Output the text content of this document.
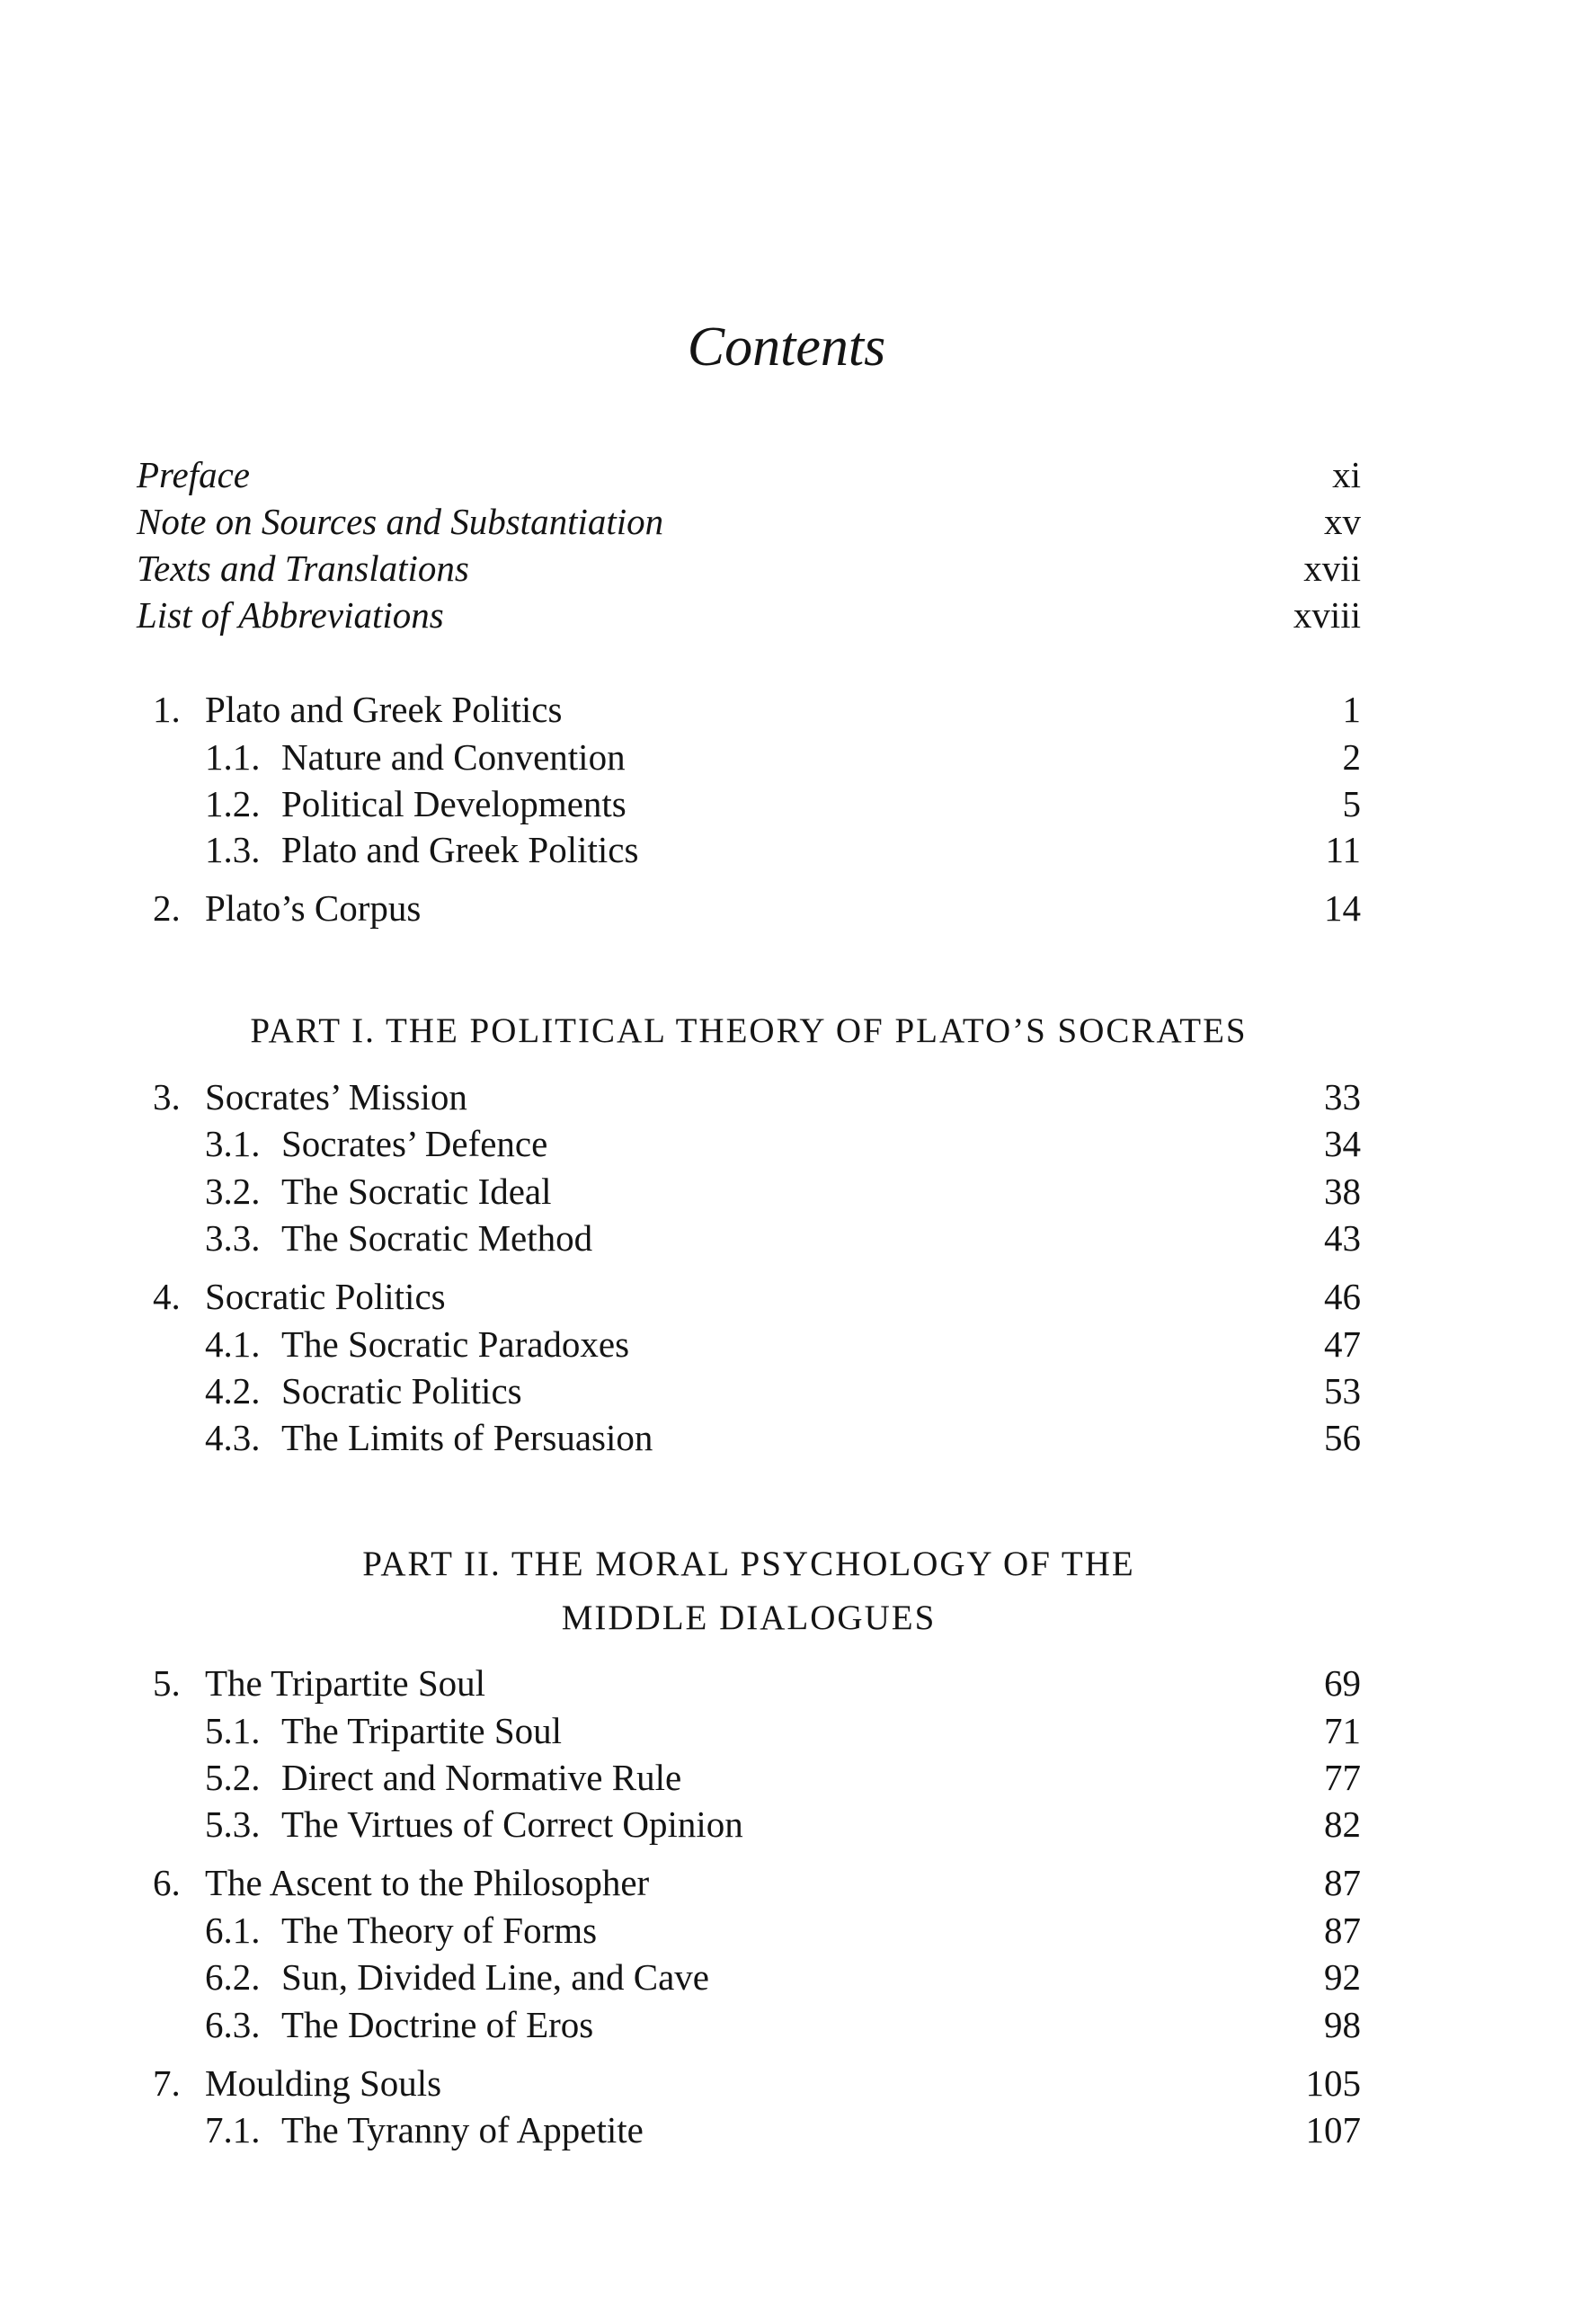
Contents
Preface	xi
Note on Sources and Substantiation	xv
Texts and Translations	xvii
List of Abbreviations	xviii
1. Plato and Greek Politics	1
1.1. Nature and Convention	2
1.2. Political Developments	5
1.3. Plato and Greek Politics	11
2. Plato’s Corpus	14
PART I. THE POLITICAL THEORY OF PLATO’S SOCRATES
3. Socrates’ Mission	33
3.1. Socrates’ Defence	34
3.2. The Socratic Ideal	38
3.3. The Socratic Method	43
4. Socratic Politics	46
4.1. The Socratic Paradoxes	47
4.2. Socratic Politics	53
4.3. The Limits of Persuasion	56
PART II. THE MORAL PSYCHOLOGY OF THE
MIDDLE DIALOGUES
5. The Tripartite Soul	69
5.1. The Tripartite Soul	71
5.2. Direct and Normative Rule	77
5.3. The Virtues of Correct Opinion	82
6. The Ascent to the Philosopher	87
6.1. The Theory of Forms	87
6.2. Sun, Divided Line, and Cave	92
6.3. The Doctrine of Eros	98
7. Moulding Souls	105
7.1. The Tyranny of Appetite	107
